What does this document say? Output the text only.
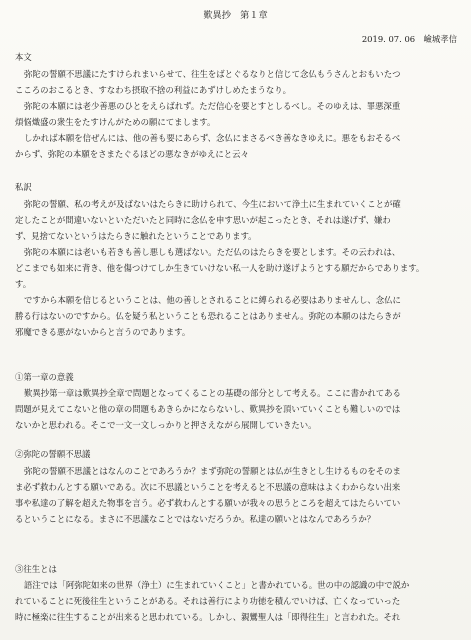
歎異抄　第１章
2019. 07. 06　嶮城孝信
本文

弥陀の誓願不思議にたすけられまいらせて、往生をばとぐるなりと信じて念仏もうさんとおもいたつ

こころのおこるとき、すなわち摂取不捨の利益にあずけしめたまうなり。

弥陀の本願には老少善悪のひとをえらばれず。ただ信心を要とすとしるべし。そのゆえは、罪悪深重

煩悩熾盛の衆生をたすけんがための願にてまします。

しかれば本願を信ぜんには、他の善も要にあらず、念仏にまさるべき善なきゆえに。悪をもおそるべ

からず、弥陀の本願をさまたぐるほどの悪なきがゆえにと云々

私訳

弥陀の誓願、私の考えが及ばないはたらきに助けられて、今生において浄土に生まれていくことが確

定したことが間違いないといただいたと同時に念仏を申す思いが起こったとき、それは遂げず、嫌わ

ず、見捨てないというはたらきに触れたということであります。

弥陀の本願には老いも若きも善し悪しも選ばない。ただ仏のはたらきを要とします。その云われは、

どこまでも如来に背き、他を傷つけてしか生きていけない私一人を助け遂げようとする願だからであります。

す。

ですから本願を信じるということは、他の善しとされることに縛られる必要はありませんし、念仏に

勝る行はないのですから。仏を疑う私ということも恐れることはありません。弥陀の本願のはたらきが

邪魔できる悪がないからと言うのであります。

①第一章の意義

歎異抄第一章は歎異抄全章で問題となってくることの基礎の部分として考える。ここに書かれてある

問題が見えてこないと他の章の問題もあきらかにならないし、歎異抄を頂いていくことも難しいのでは

ないかと思われる。そこで一文一文しっかりと押さえながら展開していきたい。

②弥陀の誓願不思議

弥陀の誓願不思議とはなんのことであろうか？まず弥陀の誓願とは仏が生きとし生けるものをそのま

ま必ず救わんとする願いである。次に不思議ということを考えると不思議の意味はよくわからない出来

事や私達の了解を超えた物事を言う。必ず救わんとする願いが我々の思うところを超えてはたらいてい

るということになる。まさに不思議なことではないだろうか。私達の願いとはなんであろうか？

③往生とは

語注では「阿弥陀如来の世界（浄土）に生まれていくこと」と書かれている。世の中の認識の中で説か

れていることに死後往生ということがある。それは善行により功徳を積んでいけば、亡くなっていった

時に極楽に往生することが出来ると思われている。しかし、親鸞聖人は「即得往生」と言われた。それ
